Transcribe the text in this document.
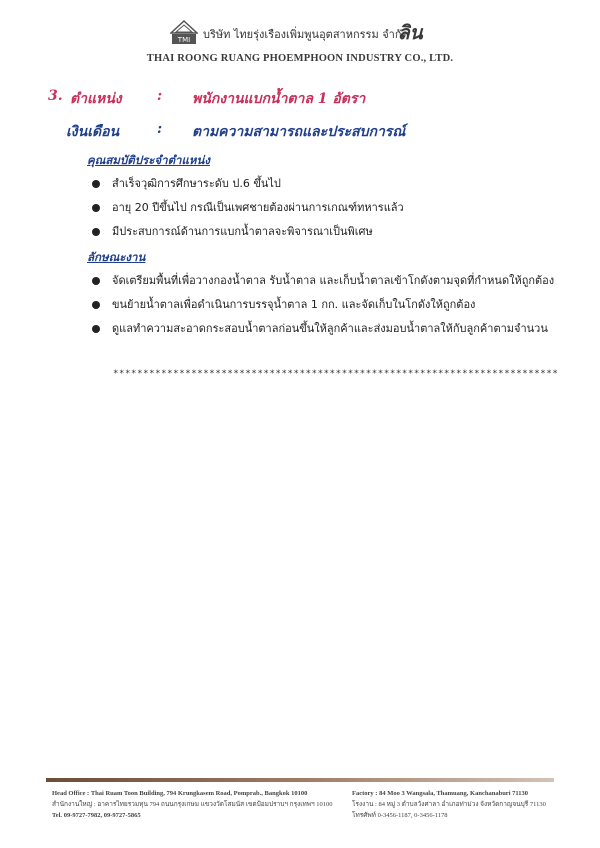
TMI บริษัท ไทยรุ่งเรืองเพิ่มพูนอุตสาหกรรม จำกัด
ลิน
THAI ROONG RUANG PHOEMPHOON INDUSTRY CO., LTD.
3. ตำแหน่ง	: พนักงานแบกน้ำตาล 1 อัตรา
เงินเดือน	: ตามความสามารถและประสบการณ์
คุณสมบัติประจำตำแหน่ง
สำเร็จวุฒิการศึกษาระดับ ป.6 ขึ้นไป
อายุ 20 ปีขึ้นไป กรณีเป็นเพศชายต้องผ่านการเกณฑ์ทหารแล้ว
มีประสบการณ์ด้านการแบกน้ำตาลจะพิจารณาเป็นพิเศษ
ลักษณะงาน
จัดเตรียมพื้นที่เพื่อวางกองน้ำตาล รับน้ำตาล และเก็บน้ำตาลเข้าโกดังตามจุดที่กำหนดให้ถูกต้อง
ขนย้ายน้ำตาลเพื่อดำเนินการบรรจุน้ำตาล 1 กก. และจัดเก็บในโกดังให้ถูกต้อง
ดูแลทำความสะอาดกระสอบน้ำตาลก่อนขึ้นให้ลูกค้าและส่งมอบน้ำตาลให้กับลูกค้าตามจำนวน
**************************************************************************
Head Office : Thai Ruam Toon Building, 794 Krungkasem Road, Pomprab., Bangkok 10100
สำนักงานใหญ่ : อาคารไทยรวมทุน 794 ถนนกรุงเกษม แขวงวัดโสมนัส เขตป้อมปราบฯ กรุงเทพฯ 10100
Tel. 09-9727-7982, 09-9727-5865
Factory : 84 Moo 3 Wangsala, Thamuang, Kanchanaburi 71130
โรงงาน : 84 หมู่ 3 ตำบลวังศาลา อำเภอท่าม่วง จังหวัดกาญจนบุรี 71130
โทรศัพท์ 0-3456-1187, 0-3456-1178
